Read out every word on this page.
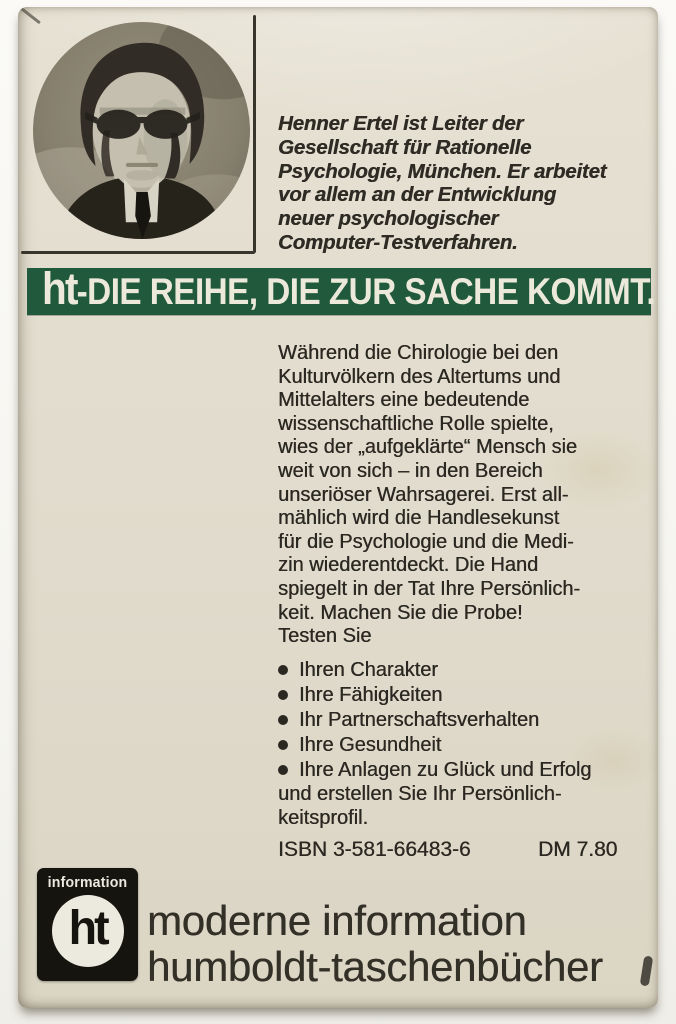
Henner Ertel ist Leiter der
Gesellschaft für Rationelle
Psychologie, München. Er arbeitet
vor allem an der Entwicklung
neuer psychologischer
Computer-Testverfahren.
ht -DIE REIHE, DIE ZUR SACHE KOMMT.
Während die Chirologie bei den
Kulturvölkern des Altertums und
Mittelalters eine bedeutende
wissenschaftliche Rolle spielte,
wies der „aufgeklärte“ Mensch sie
weit von sich – in den Bereich
unseriöser Wahrsagerei. Erst all-
mählich wird die Handlesekunst
für die Psychologie und die Medi-
zin wiederentdeckt. Die Hand
spiegelt in der Tat Ihre Persönlich-
keit. Machen Sie die Probe!
Testen Sie
Ihren Charakter
Ihre Fähigkeiten
Ihr Partnerschaftsverhalten
Ihre Gesundheit
Ihre Anlagen zu Glück und Erfolg
und erstellen Sie Ihr Persönlich-
keitsprofil.
ISBN 3-581-66483-6	DM 7.80
information
ht moderne information
humboldt-taschenbücher
